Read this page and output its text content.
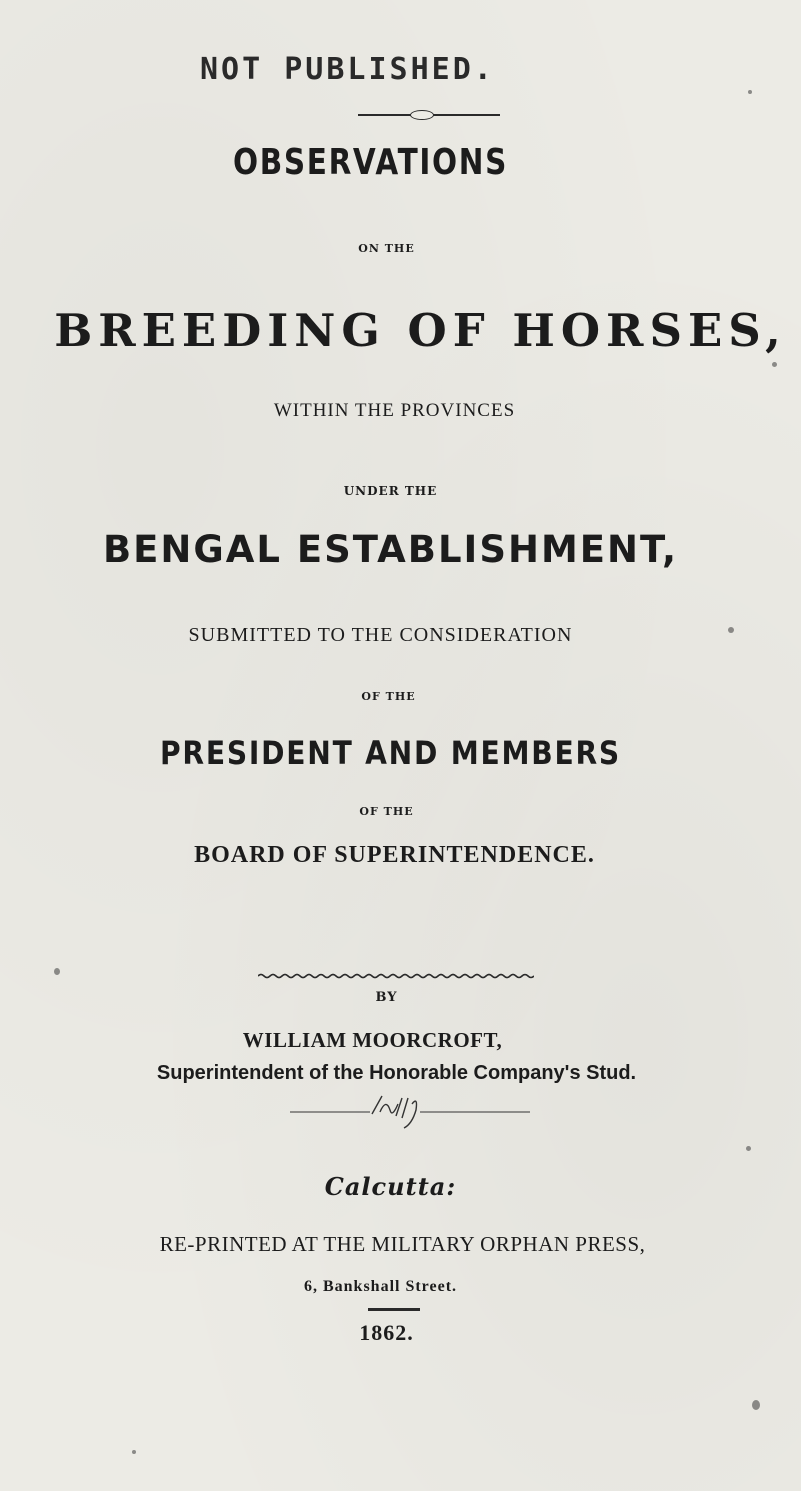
NOT PUBLISHED.
OBSERVATIONS
ON THE
BREEDING OF HORSES,
WITHIN THE PROVINCES
UNDER THE
BENGAL ESTABLISHMENT,
SUBMITTED TO THE CONSIDERATION
OF THE
PRESIDENT AND MEMBERS
OF THE
BOARD OF SUPERINTENDENCE.
BY
WILLIAM MOORCROFT,
Superintendent of the Honorable Company's Stud.
Calcutta:
RE-PRINTED AT THE MILITARY ORPHAN PRESS,
6, Bankshall Street.
1862.
